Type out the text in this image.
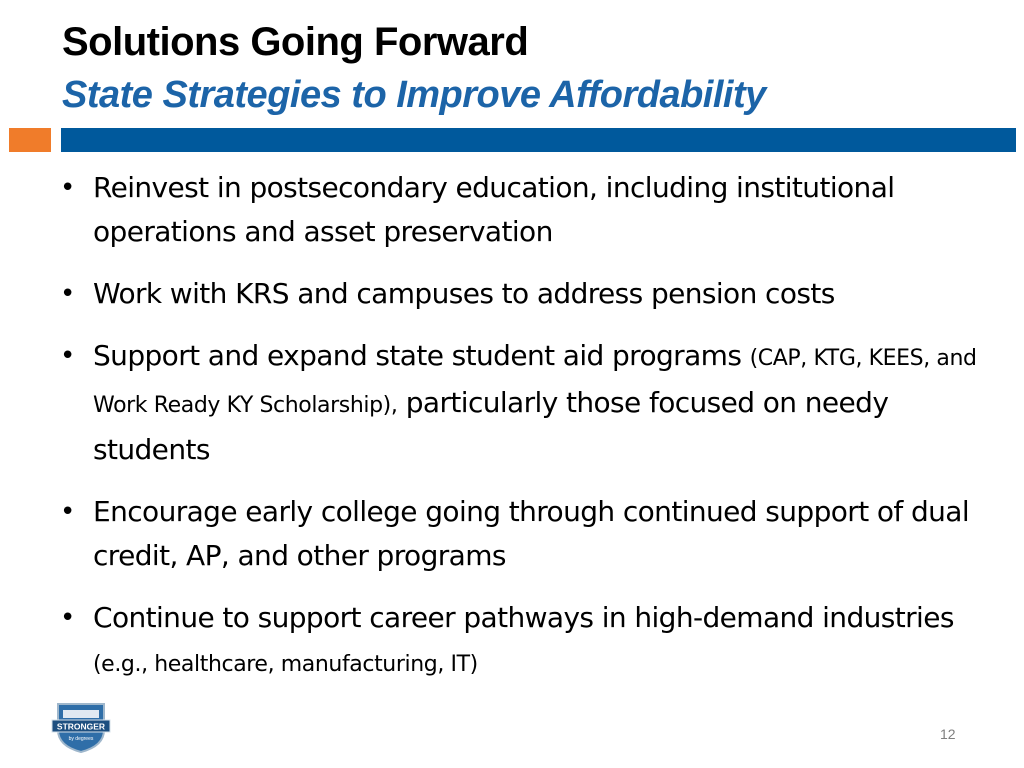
Solutions Going Forward
State Strategies to Improve Affordability
• Reinvest in postsecondary education, including institutional operations and asset preservation
• Work with KRS and campuses to address pension costs
• Support and expand state student aid programs (CAP, KTG, KEES, and Work Ready KY Scholarship), particularly those focused on needy students
• Encourage early college going through continued support of dual credit, AP, and other programs
• Continue to support career pathways in high-demand industries (e.g., healthcare, manufacturing, IT)
STRONGER
by degrees	12
